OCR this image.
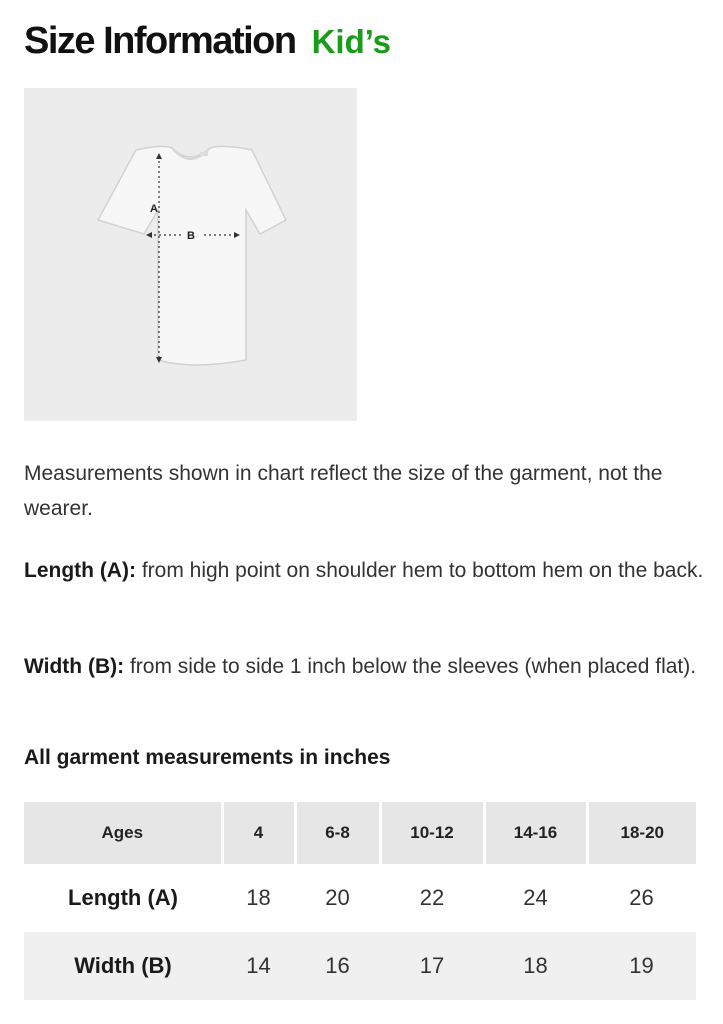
Size Information Kid’s
A
B

Measurements shown in chart reflect the size of the garment, not the wearer.

Length (A): from high point on shoulder hem to bottom hem on the back.

Width (B): from side to side 1 inch below the sleeves (when placed flat).

All garment measurements in inches
Ages	4	6-8	10-12	14-16	18-20
Length (A)	18	20	22	24	26
Width (B)	14	16	17	18	19
